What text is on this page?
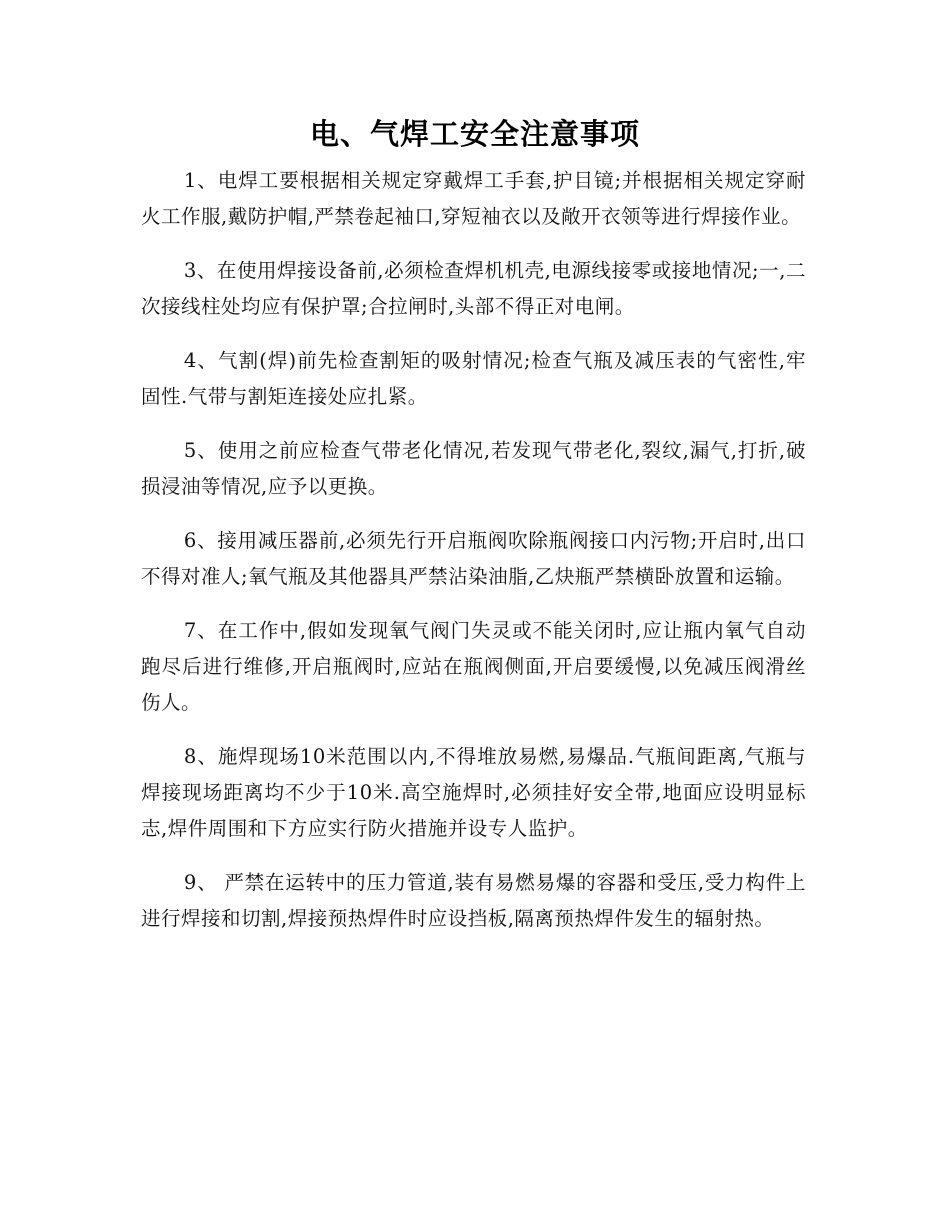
电、气焊工安全注意事项

1、电焊工要根据相关规定穿戴焊工手套,护目镜;并根据相关规定穿耐火工作服,戴防护帽,严禁卷起袖口,穿短袖衣以及敞开衣领等进行焊接作业。

3、在使用焊接设备前,必须检查焊机机壳,电源线接零或接地情况;一,二次接线柱处均应有保护罩;合拉闸时,头部不得正对电闸。

4、气割(焊)前先检查割矩的吸射情况;检查气瓶及减压表的气密性,牢固性.气带与割矩连接处应扎紧。

5、使用之前应检查气带老化情况,若发现气带老化,裂纹,漏气,打折,破损浸油等情况,应予以更换。

6、接用减压器前,必须先行开启瓶阀吹除瓶阀接口内污物;开启时,出口不得对准人;氧气瓶及其他器具严禁沾染油脂,乙炔瓶严禁横卧放置和运输。

7、在工作中,假如发现氧气阀门失灵或不能关闭时,应让瓶内氧气自动跑尽后进行维修,开启瓶阀时,应站在瓶阀侧面,开启要缓慢,以免减压阀滑丝伤人。

8、施焊现场10米范围以内,不得堆放易燃,易爆品.气瓶间距离,气瓶与焊接现场距离均不少于10米.高空施焊时,必须挂好安全带,地面应设明显标志,焊件周围和下方应实行防火措施并设专人监护。

9、 严禁在运转中的压力管道,装有易燃易爆的容器和受压,受力构件上进行焊接和切割,焊接预热焊件时应设挡板,隔离预热焊件发生的辐射热。
